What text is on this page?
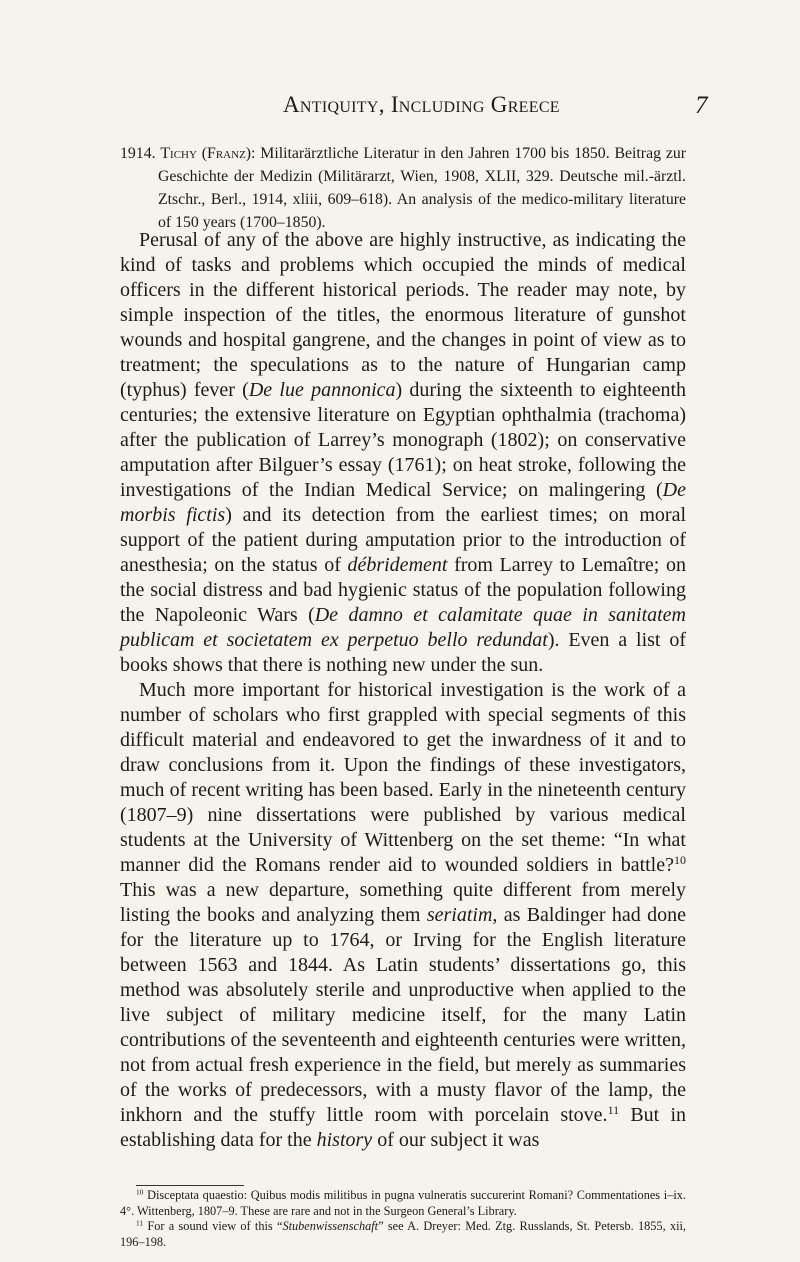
Antiquity, Including Greece	7

1914. Tichy (Franz): Militarärztliche Literatur in den Jahren 1700 bis 1850. Beitrag zur Geschichte der Medizin (Militärarzt, Wien, 1908, XLII, 329. Deutsche mil.-ärztl. Ztschr., Berl., 1914, xliii, 609–618). An analysis of the medico-military literature of 150 years (1700–1850).

Perusal of any of the above are highly instructive, as indicating the kind of tasks and problems which occupied the minds of medical officers in the different historical periods. The reader may note, by simple inspection of the titles, the enormous literature of gunshot wounds and hospital gangrene, and the changes in point of view as to treatment; the speculations as to the nature of Hungarian camp (typhus) fever (De lue pannonica) during the sixteenth to eighteenth centuries; the extensive literature on Egyptian ophthalmia (trachoma) after the publication of Larrey’s monograph (1802); on conservative amputation after Bilguer’s essay (1761); on heat stroke, following the investigations of the Indian Medical Service; on malingering (De morbis fictis) and its detection from the earliest times; on moral support of the patient during amputation prior to the introduction of anesthesia; on the status of débridement from Larrey to Lemaître; on the social distress and bad hygienic status of the population following the Napoleonic Wars (De damno et calamitate quae in sanitatem publicam et societatem ex perpetuo bello redundat). Even a list of books shows that there is nothing new under the sun.

Much more important for historical investigation is the work of a number of scholars who first grappled with special segments of this difficult material and endeavored to get the inwardness of it and to draw conclusions from it. Upon the findings of these investigators, much of recent writing has been based. Early in the nineteenth century (1807–9) nine dissertations were published by various medical students at the University of Wittenberg on the set theme: “In what manner did the Romans render aid to wounded soldiers in battle?$^{10}$ This was a new departure, something quite different from merely listing the books and analyzing them seriatim, as Baldinger had done for the literature up to 1764, or Irving for the English literature between 1563 and 1844. As Latin students’ dissertations go, this method was absolutely sterile and unproductive when applied to the live subject of military medicine itself, for the many Latin contributions of the seventeenth and eighteenth centuries were written, not from actual fresh experience in the field, but merely as summaries of the works of predecessors, with a musty flavor of the lamp, the inkhorn and the stuffy little room with porcelain stove.$^{11}$ But in establishing data for the history of our subject it was

$^{10}$ Disceptata quaestio: Quibus modis militibus in pugna vulneratis succurerint Romani? Commentationes i–ix. 4°. Wittenberg, 1807–9. These are rare and not in the Surgeon General’s Library.

$^{11}$ For a sound view of this “Stubenwissenschaft” see A. Dreyer: Med. Ztg. Russlands, St. Petersb. 1855, xii, 196–198.
